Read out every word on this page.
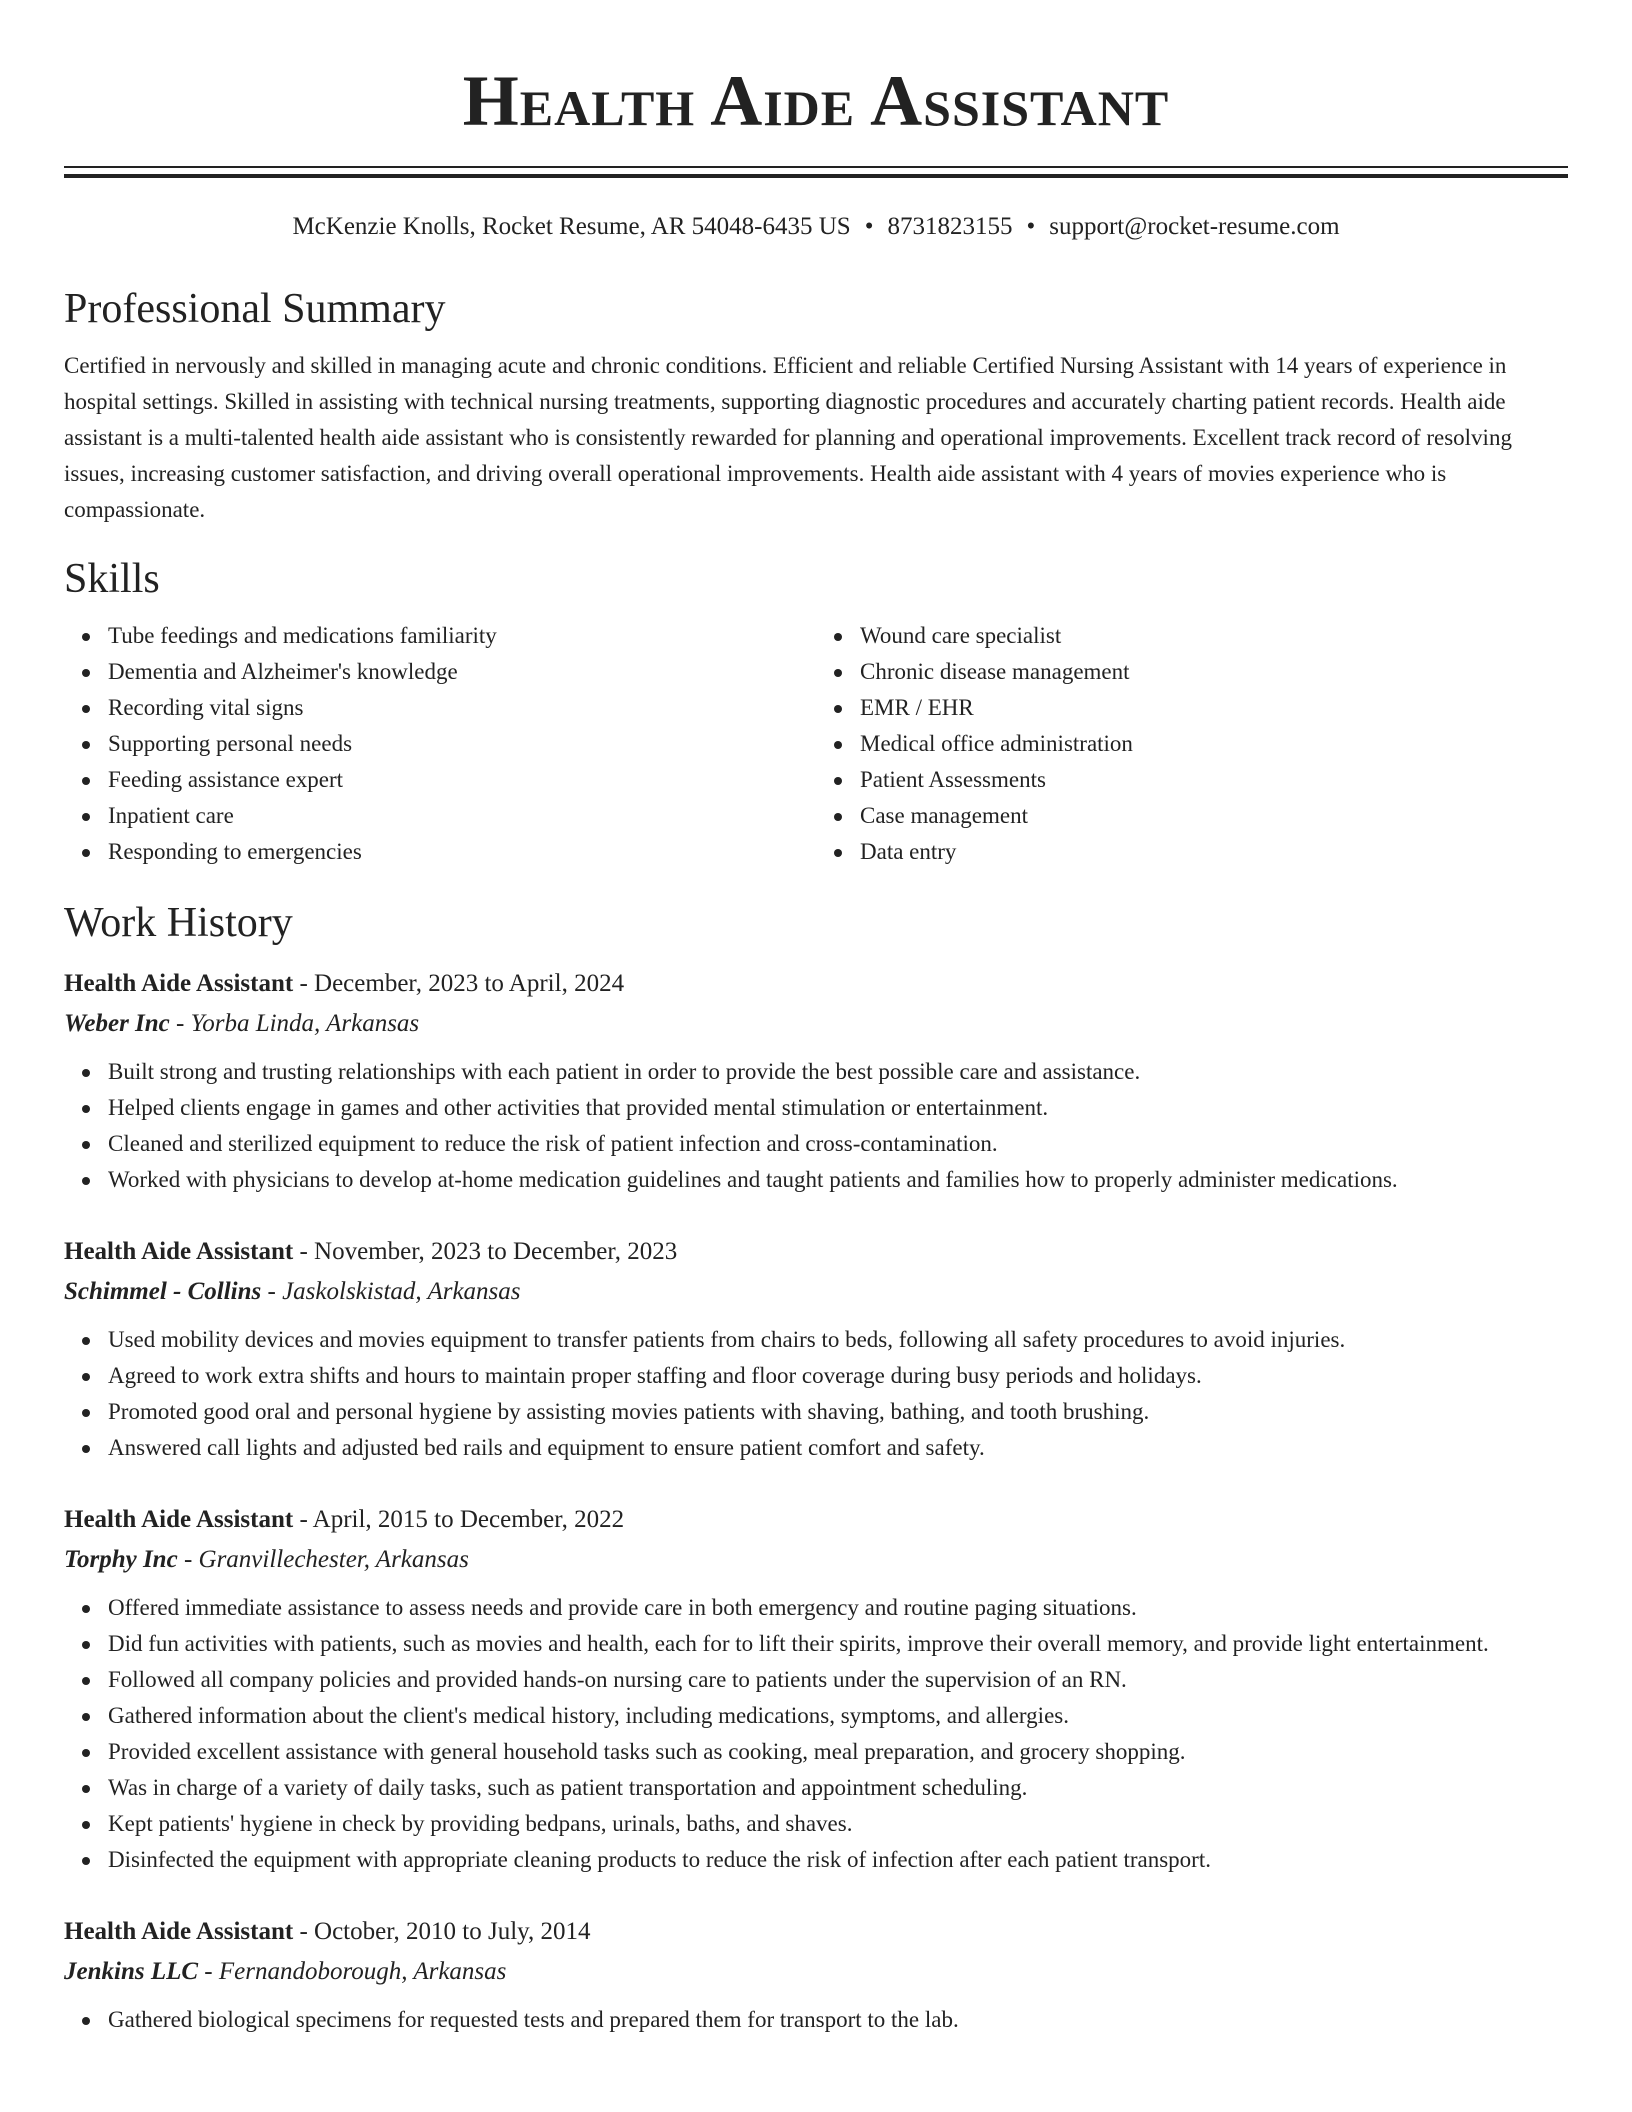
Health Aide Assistant
McKenzie Knolls, Rocket Resume, AR 54048-6435 US • 8731823155 • support@rocket-resume.com
Professional Summary
Certified in nervously and skilled in managing acute and chronic conditions. Efficient and reliable Certified Nursing Assistant with 14 years of experience in hospital settings. Skilled in assisting with technical nursing treatments, supporting diagnostic procedures and accurately charting patient records. Health aide assistant is a multi-talented health aide assistant who is consistently rewarded for planning and operational improvements. Excellent track record of resolving issues, increasing customer satisfaction, and driving overall operational improvements. Health aide assistant with 4 years of movies experience who is compassionate.
Skills
Tube feedings and medications familiarity
Dementia and Alzheimer's knowledge
Recording vital signs
Supporting personal needs
Feeding assistance expert
Inpatient care
Responding to emergencies
Wound care specialist
Chronic disease management
EMR / EHR
Medical office administration
Patient Assessments
Case management
Data entry
Work History
Health Aide Assistant - December, 2023 to April, 2024
Weber Inc - Yorba Linda, Arkansas
Built strong and trusting relationships with each patient in order to provide the best possible care and assistance.
Helped clients engage in games and other activities that provided mental stimulation or entertainment.
Cleaned and sterilized equipment to reduce the risk of patient infection and cross-contamination.
Worked with physicians to develop at-home medication guidelines and taught patients and families how to properly administer medications.
Health Aide Assistant - November, 2023 to December, 2023
Schimmel - Collins - Jaskolskistad, Arkansas
Used mobility devices and movies equipment to transfer patients from chairs to beds, following all safety procedures to avoid injuries.
Agreed to work extra shifts and hours to maintain proper staffing and floor coverage during busy periods and holidays.
Promoted good oral and personal hygiene by assisting movies patients with shaving, bathing, and tooth brushing.
Answered call lights and adjusted bed rails and equipment to ensure patient comfort and safety.
Health Aide Assistant - April, 2015 to December, 2022
Torphy Inc - Granvillechester, Arkansas
Offered immediate assistance to assess needs and provide care in both emergency and routine paging situations.
Did fun activities with patients, such as movies and health, each for to lift their spirits, improve their overall memory, and provide light entertainment.
Followed all company policies and provided hands-on nursing care to patients under the supervision of an RN.
Gathered information about the client's medical history, including medications, symptoms, and allergies.
Provided excellent assistance with general household tasks such as cooking, meal preparation, and grocery shopping.
Was in charge of a variety of daily tasks, such as patient transportation and appointment scheduling.
Kept patients' hygiene in check by providing bedpans, urinals, baths, and shaves.
Disinfected the equipment with appropriate cleaning products to reduce the risk of infection after each patient transport.
Health Aide Assistant - October, 2010 to July, 2014
Jenkins LLC - Fernandoborough, Arkansas
Gathered biological specimens for requested tests and prepared them for transport to the lab.
